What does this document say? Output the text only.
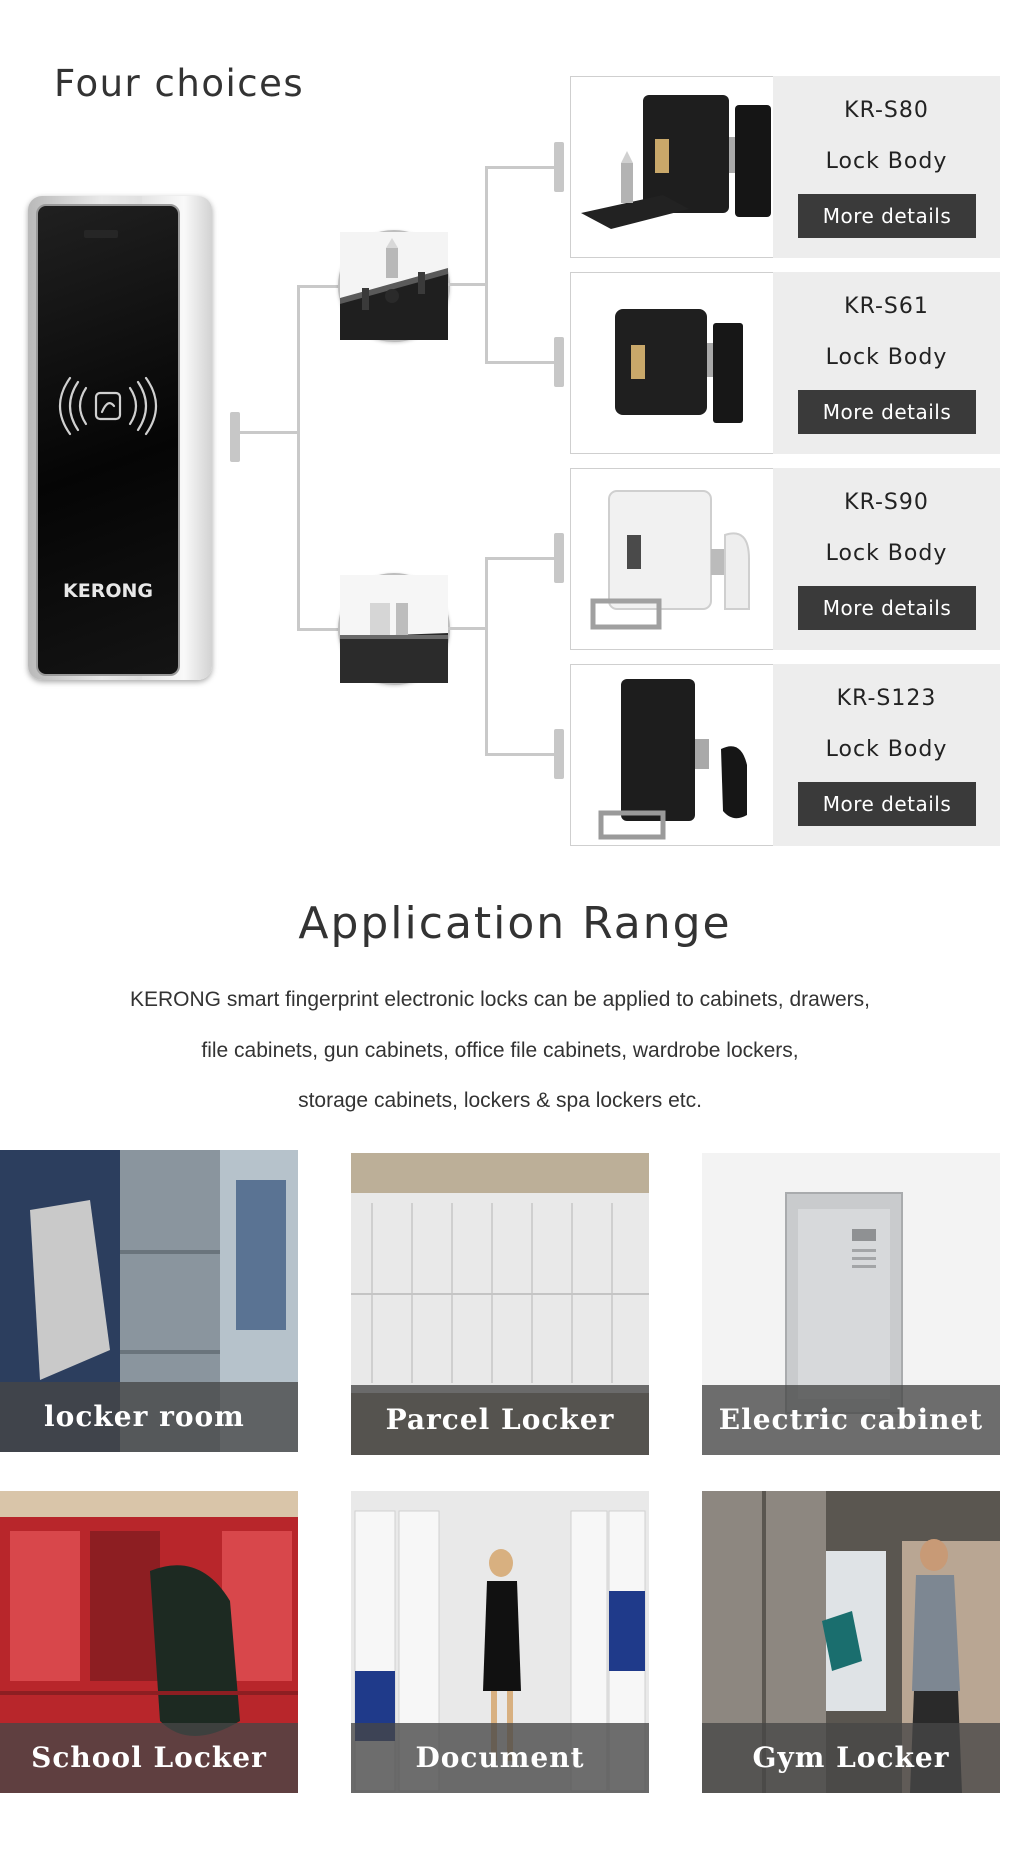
Four choices
KERONG
KR-S80
Lock Body
More details
KR-S61
Lock Body
More details
KR-S90
Lock Body
More details
KR-S123
Lock Body
More details
Application Range
KERONG smart fingerprint electronic locks can be applied to cabinets, drawers,
file cabinets, gun cabinets, office file cabinets, wardrobe lockers,
storage cabinets, lockers & spa lockers etc.
locker room	Parcel Locker	Electric cabinet
School Locker	Document cabinet
Gym Locker
